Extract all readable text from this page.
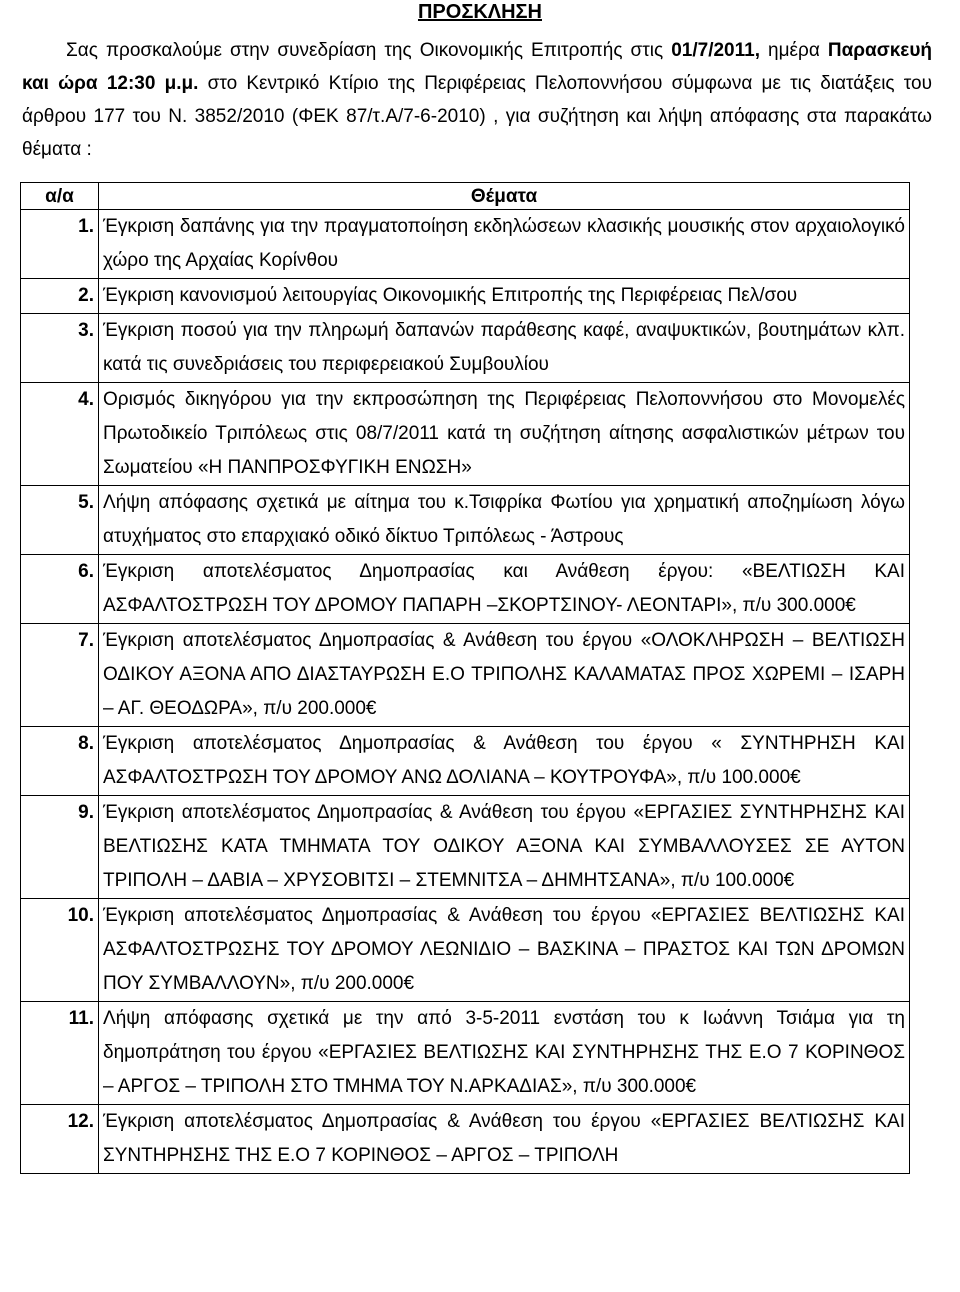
ΠΡΟΣΚΛΗΣΗ
Σας προσκαλούμε στην συνεδρίαση της Οικονομικής Επιτροπής στις 01/7/2011, ημέρα Παρασκευή και ώρα 12:30 μ.μ. στο Κεντρικό Κτίριο της Περιφέρειας Πελοποννήσου σύμφωνα με τις διατάξεις του άρθρου 177 του Ν. 3852/2010 (ΦΕΚ 87/τ.Α/7-6-2010) , για συζήτηση και λήψη απόφασης στα παρακάτω θέματα :
α/α	Θέματα
1.	Έγκριση δαπάνης για την πραγματοποίηση εκδηλώσεων κλασικής μουσικής στον αρχαιολογικό χώρο της Αρχαίας Κορίνθου
2.	Έγκριση κανονισμού λειτουργίας Οικονομικής Επιτροπής της Περιφέρειας Πελ/σου
3.	Έγκριση ποσού για την πληρωμή δαπανών παράθεσης καφέ, αναψυκτικών, βουτημάτων κλπ. κατά τις συνεδριάσεις του περιφερειακού Συμβουλίου
4.	Ορισμός δικηγόρου για την εκπροσώπηση της Περιφέρειας Πελοποννήσου στο Μονομελές Πρωτοδικείο Τριπόλεως στις 08/7/2011 κατά τη συζήτηση αίτησης ασφαλιστικών μέτρων του Σωματείου «Η ΠΑΝΠΡΟΣΦΥΓΙΚΗ ΕΝΩΣΗ»
5.	Λήψη απόφασης σχετικά με αίτημα του κ.Τσιφρίκα Φωτίου για χρηματική αποζημίωση λόγω ατυχήματος στο επαρχιακό οδικό δίκτυο Τριπόλεως - Άστρους
6.	Έγκριση αποτελέσματος Δημοπρασίας και Ανάθεση έργου: «ΒΕΛΤΙΩΣΗ ΚΑΙ ΑΣΦΑΛΤΟΣΤΡΩΣΗ ΤΟΥ ΔΡΟΜΟΥ ΠΑΠΑΡΗ –ΣΚΟΡΤΣΙΝΟΥ- ΛΕΟΝΤΑΡΙ», π/υ 300.000€
7.	Έγκριση αποτελέσματος Δημοπρασίας & Ανάθεση του έργου «ΟΛΟΚΛΗΡΩΣΗ – ΒΕΛΤΙΩΣΗ ΟΔΙΚΟΥ ΑΞΟΝΑ ΑΠΟ ΔΙΑΣΤΑΥΡΩΣΗ Ε.Ο ΤΡΙΠΟΛΗΣ ΚΑΛΑΜΑΤΑΣ ΠΡΟΣ ΧΩΡΕΜΙ – ΙΣΑΡΗ – ΑΓ. ΘΕΟΔΩΡΑ», π/υ 200.000€
8.	Έγκριση αποτελέσματος Δημοπρασίας & Ανάθεση του έργου « ΣΥΝΤΗΡΗΣΗ ΚΑΙ ΑΣΦΑΛΤΟΣΤΡΩΣΗ ΤΟΥ ΔΡΟΜΟΥ ΑΝΩ ΔΟΛΙΑΝΑ – ΚΟΥΤΡΟΥΦΑ», π/υ 100.000€
9.	Έγκριση αποτελέσματος Δημοπρασίας & Ανάθεση του έργου «ΕΡΓΑΣΙΕΣ ΣΥΝΤΗΡΗΣΗΣ ΚΑΙ ΒΕΛΤΙΩΣΗΣ ΚΑΤΑ ΤΜΗΜΑΤΑ ΤΟΥ ΟΔΙΚΟΥ ΑΞΟΝΑ ΚΑΙ ΣΥΜΒΑΛΛΟΥΣΕΣ ΣΕ ΑΥΤΟΝ ΤΡΙΠΟΛΗ – ΔΑΒΙΑ – ΧΡΥΣΟΒΙΤΣΙ – ΣΤΕΜΝΙΤΣΑ – ΔΗΜΗΤΣΑΝΑ», π/υ 100.000€
10.	Έγκριση αποτελέσματος Δημοπρασίας & Ανάθεση του έργου «ΕΡΓΑΣΙΕΣ ΒΕΛΤΙΩΣΗΣ ΚΑΙ ΑΣΦΑΛΤΟΣΤΡΩΣΗΣ ΤΟΥ ΔΡΟΜΟΥ ΛΕΩΝΙΔΙΟ – ΒΑΣΚΙΝΑ – ΠΡΑΣΤΟΣ ΚΑΙ ΤΩΝ ΔΡΟΜΩΝ ΠΟΥ ΣΥΜΒΑΛΛΟΥΝ», π/υ 200.000€
11.	Λήψη απόφασης σχετικά με την από 3-5-2011 ενστάση του κ Ιωάννη Τσιάμα για τη δημοπράτηση του έργου «ΕΡΓΑΣΙΕΣ ΒΕΛΤΙΩΣΗΣ ΚΑΙ ΣΥΝΤΗΡΗΣΗΣ ΤΗΣ Ε.Ο 7 ΚΟΡΙΝΘΟΣ – ΑΡΓΟΣ – ΤΡΙΠΟΛΗ ΣΤΟ ΤΜΗΜΑ ΤΟΥ Ν.ΑΡΚΑΔΙΑΣ», π/υ 300.000€
12.	Έγκριση αποτελέσματος Δημοπρασίας & Ανάθεση του έργου «ΕΡΓΑΣΙΕΣ ΒΕΛΤΙΩΣΗΣ ΚΑΙ ΣΥΝΤΗΡΗΣΗΣ ΤΗΣ Ε.Ο 7 ΚΟΡΙΝΘΟΣ – ΑΡΓΟΣ – ΤΡΙΠΟΛΗ
